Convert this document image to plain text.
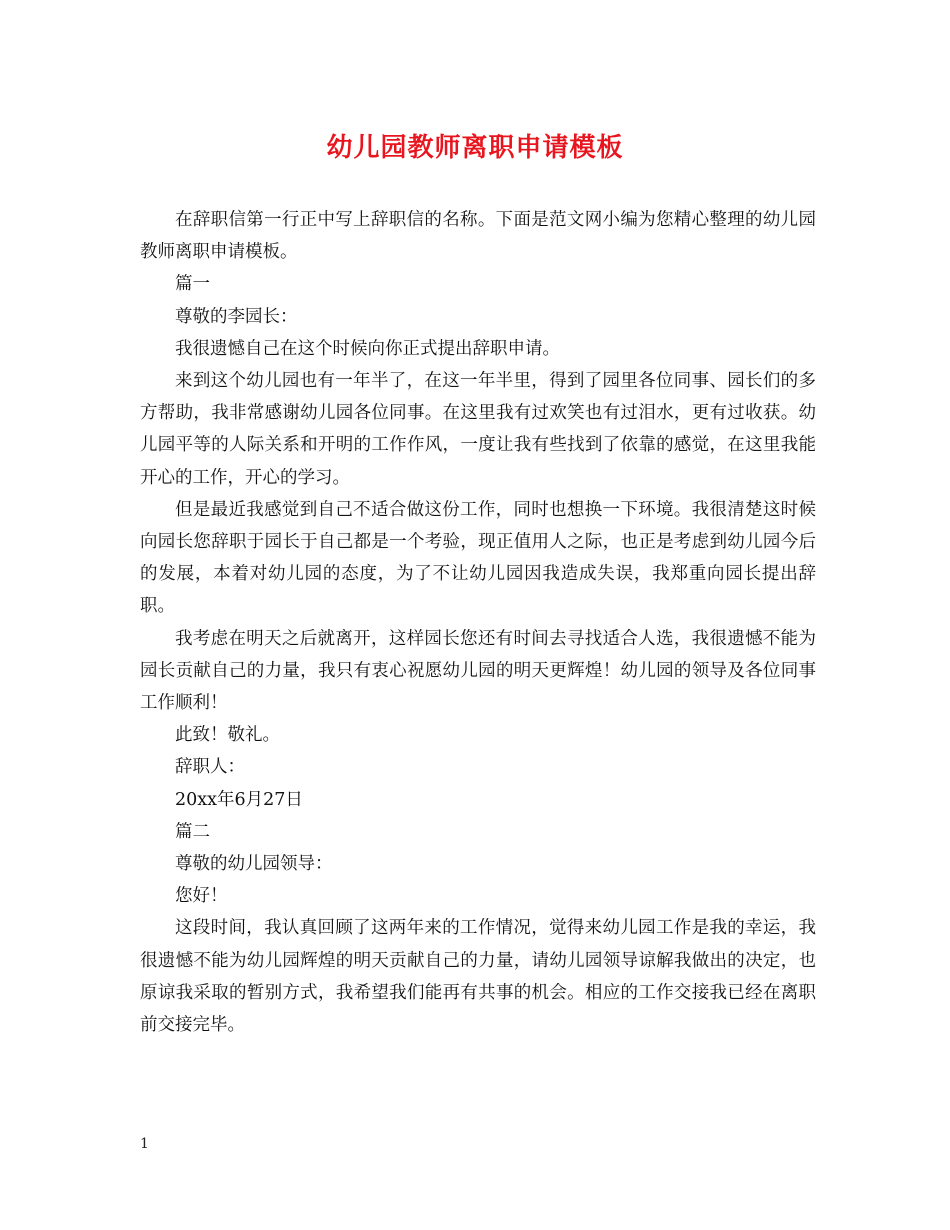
幼儿园教师离职申请模板

在辞职信第一行正中写上辞职信的名称。下面是范文网小编为您精心整理的幼儿园教师离职申请模板。

篇一

尊敬的李园长：

我很遗憾自己在这个时候向你正式提出辞职申请。

来到这个幼儿园也有一年半了，在这一年半里，得到了园里各位同事、园长们的多方帮助，我非常感谢幼儿园各位同事。在这里我有过欢笑也有过泪水，更有过收获。幼儿园平等的人际关系和开明的工作作风，一度让我有些找到了依靠的感觉，在这里我能开心的工作，开心的学习。

但是最近我感觉到自己不适合做这份工作，同时也想换一下环境。我很清楚这时候向园长您辞职于园长于自己都是一个考验，现正值用人之际，也正是考虑到幼儿园今后的发展，本着对幼儿园的态度，为了不让幼儿园因我造成失误，我郑重向园长提出辞职。

我考虑在明天之后就离开，这样园长您还有时间去寻找适合人选，我很遗憾不能为园长贡献自己的力量，我只有衷心祝愿幼儿园的明天更辉煌！幼儿园的领导及各位同事工作顺利！

此致！敬礼。

辞职人：

20xx年6月27日

篇二

尊敬的幼儿园领导：

您好！

这段时间，我认真回顾了这两年来的工作情况，觉得来幼儿园工作是我的幸运，我很遗憾不能为幼儿园辉煌的明天贡献自己的力量，请幼儿园领导谅解我做出的决定，也原谅我采取的暂别方式，我希望我们能再有共事的机会。相应的工作交接我已经在离职前交接完毕。

1
